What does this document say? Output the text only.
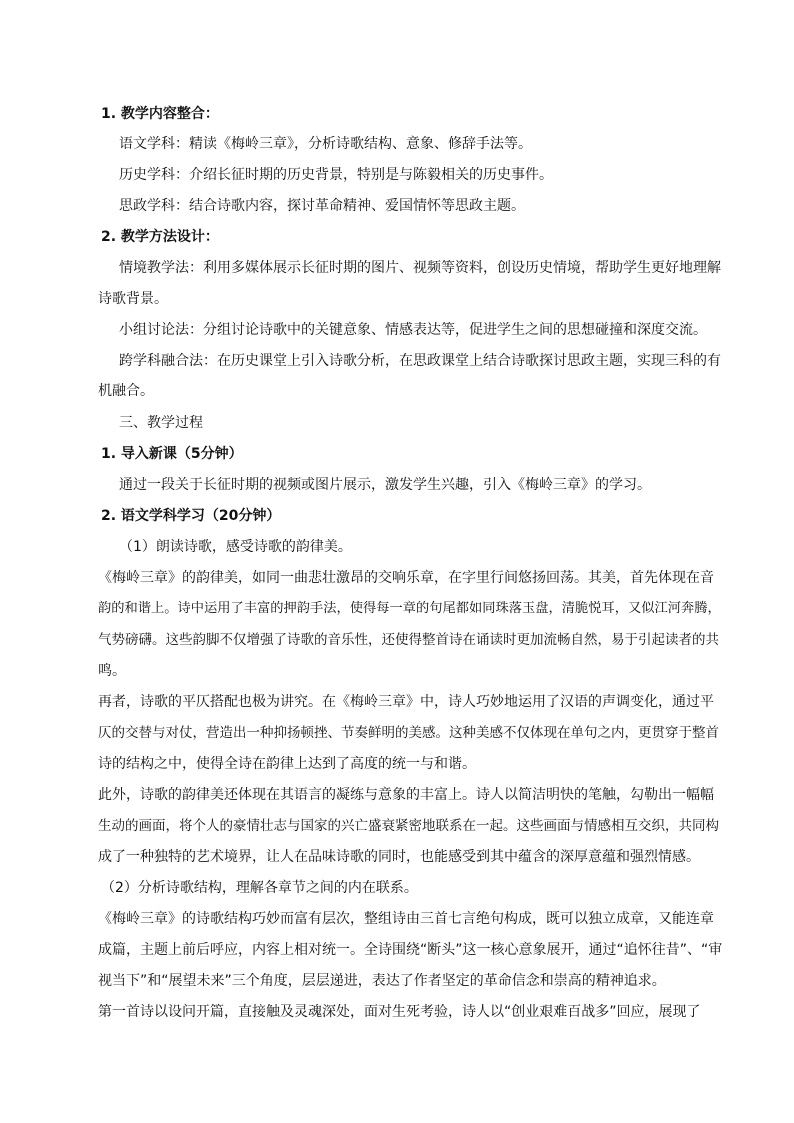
1. 教学内容整合：

语文学科：精读《梅岭三章》，分析诗歌结构、意象、修辞手法等。

历史学科：介绍长征时期的历史背景，特别是与陈毅相关的历史事件。

思政学科：结合诗歌内容，探讨革命精神、爱国情怀等思政主题。

2. 教学方法设计：

情境教学法：利用多媒体展示长征时期的图片、视频等资料，创设历史情境，帮助学生更好地理解

诗歌背景。

小组讨论法：分组讨论诗歌中的关键意象、情感表达等，促进学生之间的思想碰撞和深度交流。

跨学科融合法：在历史课堂上引入诗歌分析，在思政课堂上结合诗歌探讨思政主题，实现三科的有

机融合。

三、教学过程

1. 导入新课（5分钟）

通过一段关于长征时期的视频或图片展示，激发学生兴趣，引入《梅岭三章》的学习。

2. 语文学科学习（20分钟）

（1）朗读诗歌，感受诗歌的韵律美。

《梅岭三章》的韵律美，如同一曲悲壮激昂的交响乐章，在字里行间悠扬回荡。其美，首先体现在音

韵的和谐上。诗中运用了丰富的押韵手法，使得每一章的句尾都如同珠落玉盘，清脆悦耳，又似江河奔腾，

气势磅礴。这些韵脚不仅增强了诗歌的音乐性，还使得整首诗在诵读时更加流畅自然，易于引起读者的共

鸣。

再者，诗歌的平仄搭配也极为讲究。在《梅岭三章》中，诗人巧妙地运用了汉语的声调变化，通过平

仄的交替与对仗，营造出一种抑扬顿挫、节奏鲜明的美感。这种美感不仅体现在单句之内，更贯穿于整首

诗的结构之中，使得全诗在韵律上达到了高度的统一与和谐。

此外，诗歌的韵律美还体现在其语言的凝练与意象的丰富上。诗人以简洁明快的笔触，勾勒出一幅幅

生动的画面，将个人的豪情壮志与国家的兴亡盛衰紧密地联系在一起。这些画面与情感相互交织，共同构

成了一种独特的艺术境界，让人在品味诗歌的同时，也能感受到其中蕴含的深厚意蕴和强烈情感。

（2）分析诗歌结构，理解各章节之间的内在联系。

《梅岭三章》的诗歌结构巧妙而富有层次，整组诗由三首七言绝句构成，既可以独立成章，又能连章

成篇，主题上前后呼应，内容上相对统一。全诗围绕“断头”这一核心意象展开，通过“追怀往昔”、“审

视当下”和“展望未来”三个角度，层层递进，表达了作者坚定的革命信念和崇高的精神追求。

第一首诗以设问开篇，直接触及灵魂深处，面对生死考验，诗人以“创业艰难百战多”回应，展现了
